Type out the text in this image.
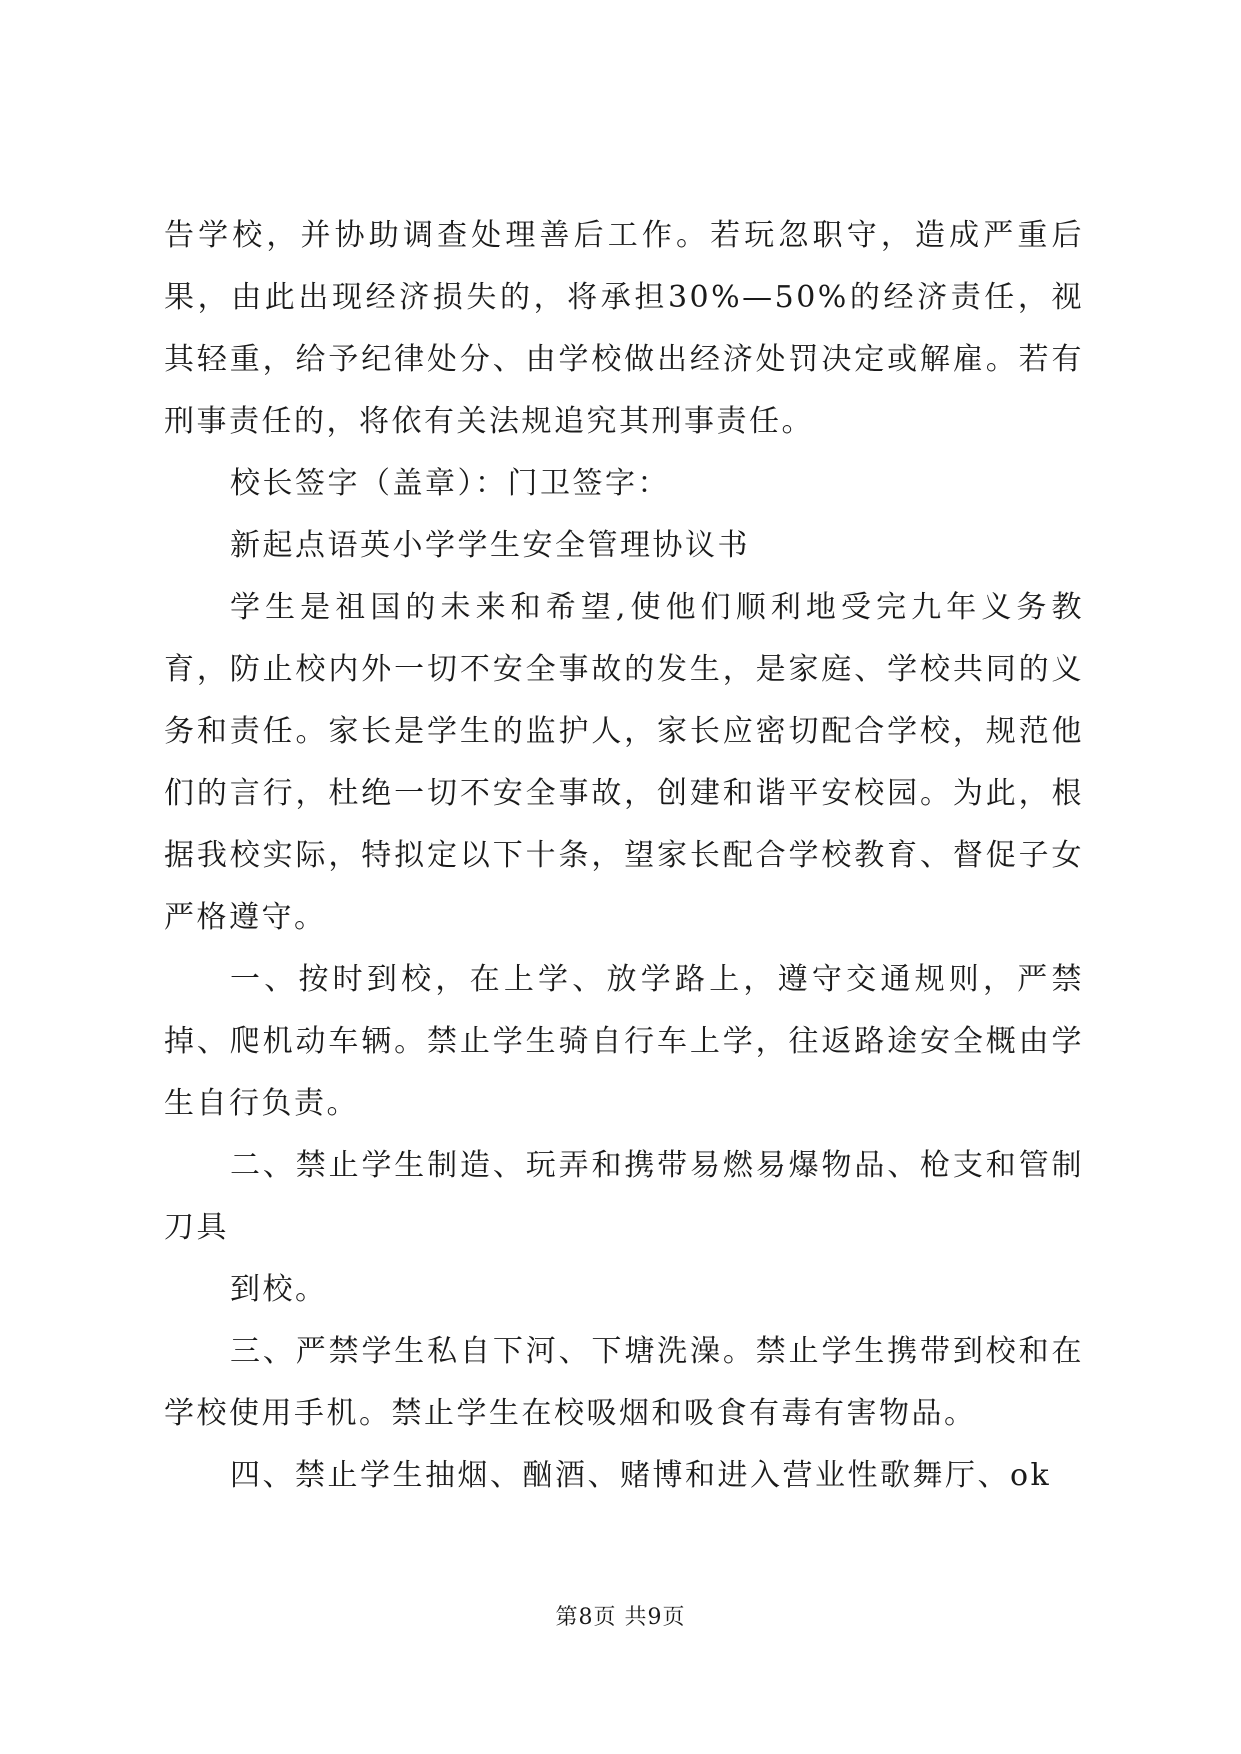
告学校，并协助调查处理善后工作。若玩忽职守，造成严重后果，由此出现经济损失的，将承担30%—50%的经济责任，视其轻重，给予纪律处分、由学校做出经济处罚决定或解雇。若有刑事责任的，将依有关法规追究其刑事责任。

校长签字（盖章）：门卫签字：

新起点语英小学学生安全管理协议书

学生是祖国的未来和希望,使他们顺利地受完九年义务教育，防止校内外一切不安全事故的发生，是家庭、学校共同的义务和责任。家长是学生的监护人，家长应密切配合学校，规范他们的言行，杜绝一切不安全事故，创建和谐平安校园。为此，根据我校实际，特拟定以下十条，望家长配合学校教育、督促子女严格遵守。

一、按时到校，在上学、放学路上，遵守交通规则，严禁掉、爬机动车辆。禁止学生骑自行车上学，往返路途安全概由学生自行负责。

二、禁止学生制造、玩弄和携带易燃易爆物品、枪支和管制刀具

到校。

三、严禁学生私自下河、下塘洗澡。禁止学生携带到校和在学校使用手机。禁止学生在校吸烟和吸食有毒有害物品。

四、禁止学生抽烟、酗酒、赌博和进入营业性歌舞厅、ok

第8页 共9页
